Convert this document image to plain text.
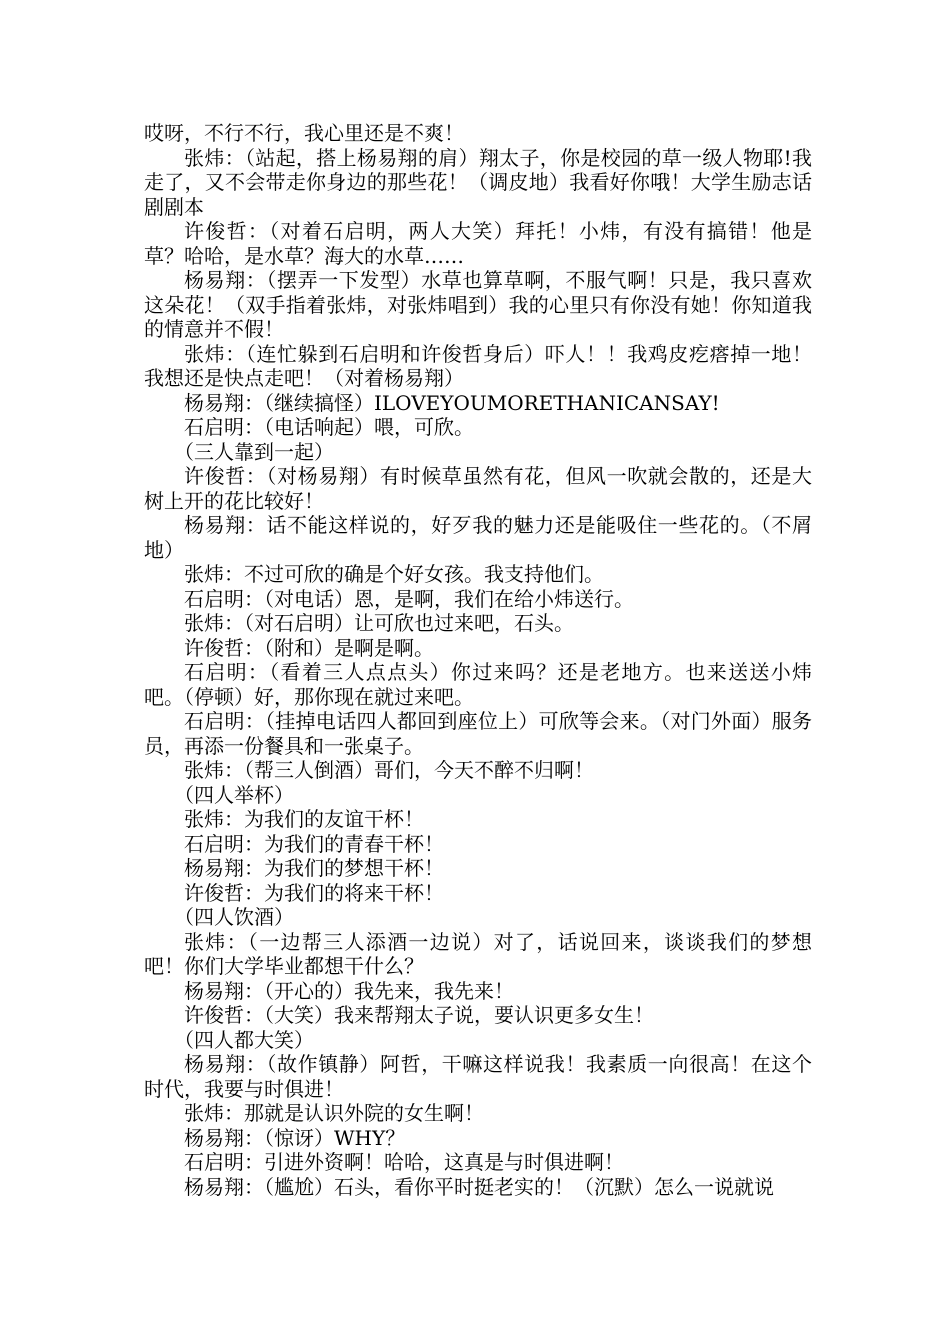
哎呀，不行不行，我心里还是不爽！

张炜：（站起，搭上杨易翔的肩）翔太子，你是校园的草一级人物耶!我走了，又不会带走你身边的那些花！（调皮地）我看好你哦！大学生励志话剧剧本

许俊哲：（对着石启明，两人大笑）拜托！小炜，有没有搞错！他是草？哈哈，是水草？海大的水草……

杨易翔：（摆弄一下发型）水草也算草啊，不服气啊！只是，我只喜欢这朵花！（双手指着张炜，对张炜唱到）我的心里只有你没有她！你知道我的情意并不假！

张炜：（连忙躲到石启明和许俊哲身后）吓人！！我鸡皮疙瘩掉一地！我想还是快点走吧！（对着杨易翔）

杨易翔：（继续搞怪）ILOVEYOUMORETHANICANSAY!

石启明：（电话响起）喂，可欣。

（三人靠到一起）

许俊哲：（对杨易翔）有时候草虽然有花，但风一吹就会散的，还是大树上开的花比较好！

杨易翔：话不能这样说的，好歹我的魅力还是能吸住一些花的。（不屑地）

张炜：不过可欣的确是个好女孩。我支持他们。

石启明：（对电话）恩，是啊，我们在给小炜送行。

张炜：（对石启明）让可欣也过来吧，石头。

许俊哲：（附和）是啊是啊。

石启明：（看着三人点点头）你过来吗？还是老地方。也来送送小炜吧。（停顿）好，那你现在就过来吧。

石启明：（挂掉电话四人都回到座位上）可欣等会来。（对门外面）服务员，再添一份餐具和一张桌子。

张炜：（帮三人倒酒）哥们，今天不醉不归啊！

（四人举杯）

张炜：为我们的友谊干杯！

石启明：为我们的青春干杯！

杨易翔：为我们的梦想干杯！

许俊哲：为我们的将来干杯！

（四人饮酒）

张炜：（一边帮三人添酒一边说）对了，话说回来，谈谈我们的梦想吧！你们大学毕业都想干什么？

杨易翔：（开心的）我先来，我先来！

许俊哲：（大笑）我来帮翔太子说，要认识更多女生！

（四人都大笑）

杨易翔：（故作镇静）阿哲，干嘛这样说我！我素质一向很高！在这个时代，我要与时俱进！

张炜：那就是认识外院的女生啊！

杨易翔：（惊讶）WHY？

石启明：引进外资啊！哈哈，这真是与时俱进啊！

杨易翔：（尴尬）石头，看你平时挺老实的！（沉默）怎么一说就说
